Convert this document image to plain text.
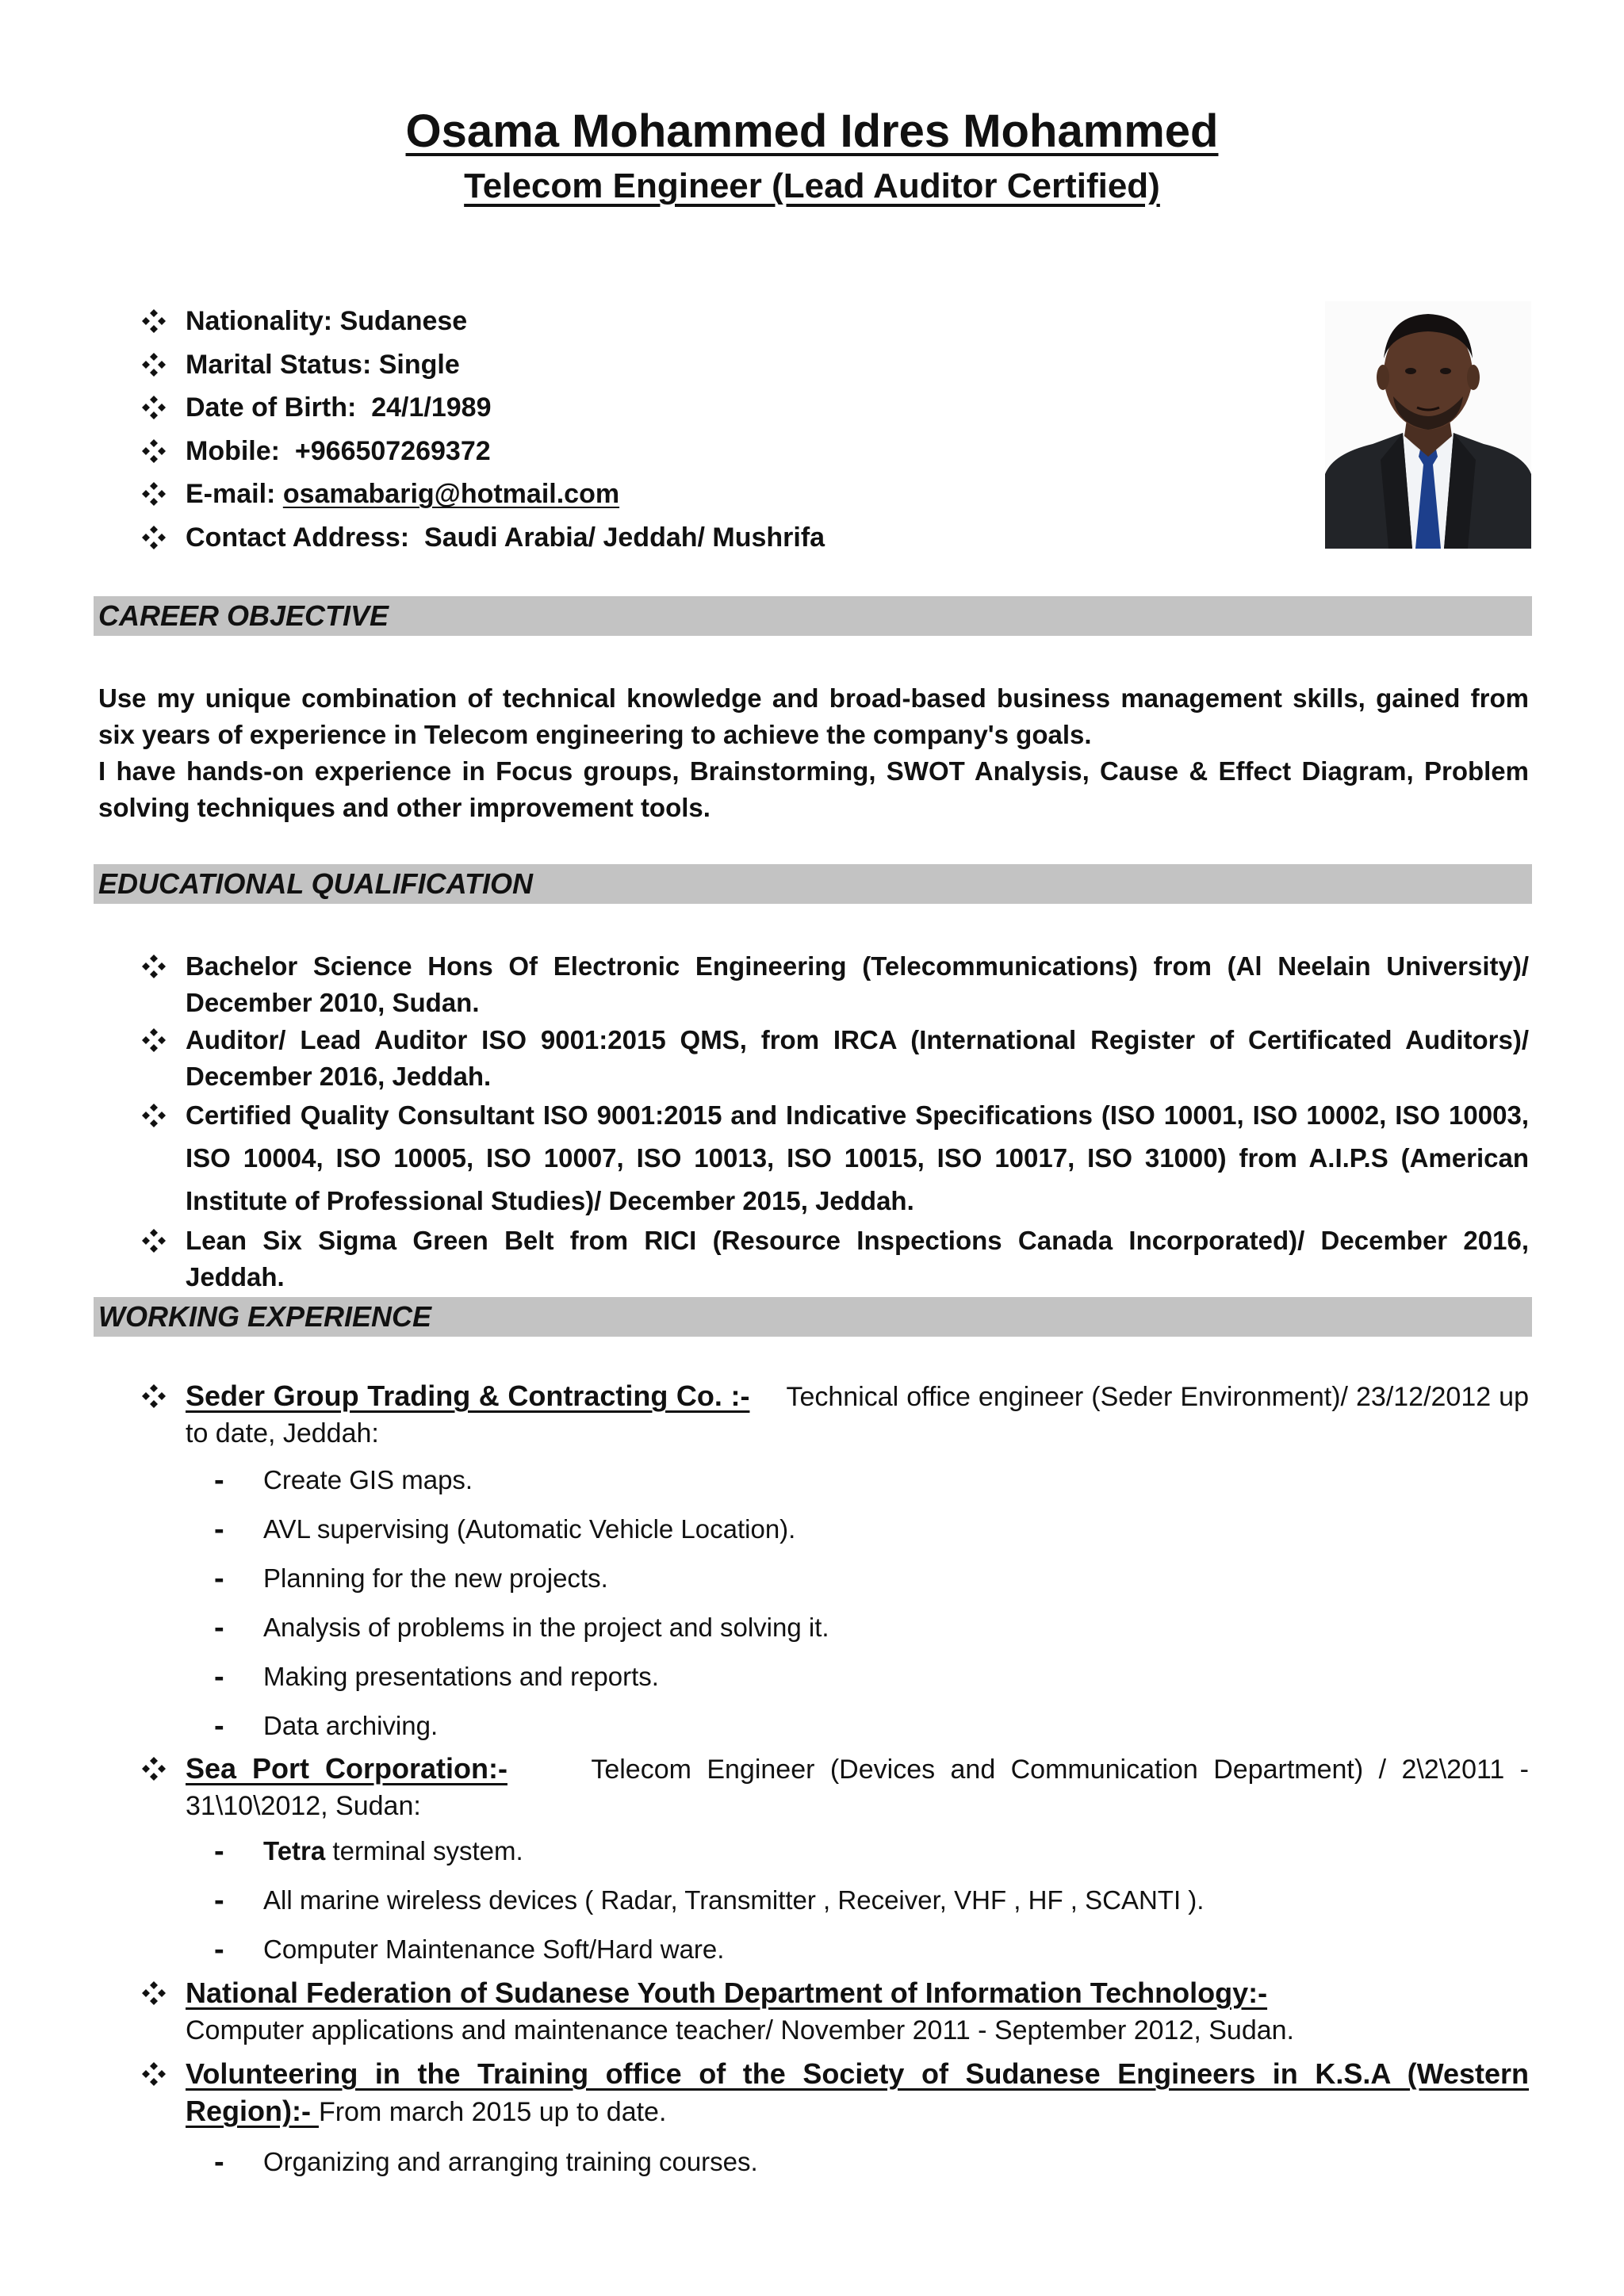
Osama Mohammed Idres Mohammed
Telecom Engineer (Lead Auditor Certified)
Nationality: Sudanese
Marital Status: Single
Date of Birth:  24/1/1989
Mobile:  +966507269372
E-mail: osamabarig@hotmail.com
Contact Address:  Saudi Arabia/ Jeddah/ Mushrifa
CAREER OBJECTIVE
Use my unique combination of technical knowledge and broad-based business management skills, gained from six years of experience in Telecom engineering to achieve the company's goals.
I have hands-on experience in Focus groups, Brainstorming, SWOT Analysis, Cause & Effect Diagram, Problem solving techniques and other improvement tools.
EDUCATIONAL QUALIFICATION
Bachelor Science Hons Of Electronic Engineering (Telecommunications) from (Al Neelain University)/ December 2010, Sudan.
Auditor/ Lead Auditor ISO 9001:2015 QMS, from IRCA (International Register of Certificated Auditors)/ December 2016, Jeddah.
Certified Quality Consultant ISO 9001:2015 and Indicative Specifications (ISO 10001, ISO 10002, ISO 10003, ISO 10004, ISO 10005, ISO 10007, ISO 10013, ISO 10015, ISO 10017, ISO 31000) from A.I.P.S (American Institute of Professional Studies)/ December 2015, Jeddah.
Lean Six Sigma Green Belt from RICI (Resource Inspections Canada Incorporated)/ December 2016, Jeddah.
WORKING EXPERIENCE
Seder Group Trading & Contracting Co. :- Technical office engineer (Seder Environment)/ 23/12/2012 up to date, Jeddah:
- Create GIS maps.
- AVL supervising (Automatic Vehicle Location).
- Planning for the new projects.
- Analysis of problems in the project and solving it.
- Making presentations and reports.
- Data archiving.
Sea Port Corporation:-	Telecom Engineer (Devices and Communication Department) / 2\2\2011 - 31\10\2012, Sudan:
- Tetra terminal system.
- All marine wireless devices ( Radar, Transmitter , Receiver, VHF , HF , SCANTI ).
- Computer Maintenance Soft/Hard ware.
National Federation of Sudanese Youth Department of Information Technology:-
Computer applications and maintenance teacher/ November 2011 - September 2012, Sudan.
Volunteering in the Training office of the Society of Sudanese Engineers in K.S.A (Western Region):- From march 2015 up to date.
- Organizing and arranging training courses.
